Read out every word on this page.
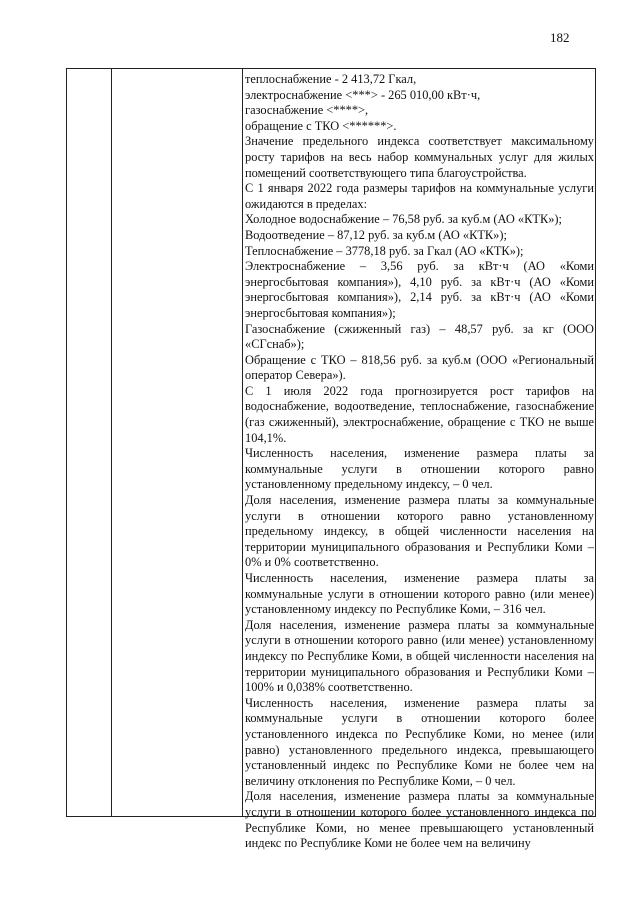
182

теплоснабжение - 2 413,72 Гкал,

электроснабжение <***> - 265 010,00 кВт·ч,

газоснабжение <****>,

обращение с ТКО <******>.

Значение предельного индекса соответствует максимальному росту тарифов на весь набор коммунальных услуг для жилых помещений соответствующего типа благоустройства.

С 1 января 2022 года размеры тарифов на коммунальные услуги ожидаются в пределах:

Холодное водоснабжение – 76,58 руб. за куб.м (АО «КТК»);

Водоотведение – 87,12 руб. за куб.м (АО «КТК»);

Теплоснабжение – 3778,18 руб. за Гкал (АО «КТК»);

Электроснабжение – 3,56 руб. за кВт·ч (АО «Коми энергосбытовая компания»), 4,10 руб. за кВт·ч (АО «Коми энергосбытовая компания»), 2,14 руб. за кВт·ч (АО «Коми энергосбытовая компания»);

Газоснабжение (сжиженный газ) – 48,57 руб. за кг (ООО «СГснаб»);

Обращение с ТКО – 818,56 руб. за куб.м (ООО «Региональный оператор Севера»).

С 1 июля 2022 года прогнозируется рост тарифов на водоснабжение, водоотведение, теплоснабжение, газоснабжение (газ сжиженный), электроснабжение, обращение с ТКО не выше 104,1%.

Численность населения, изменение размера платы за коммунальные услуги в отношении которого равно установленному предельному индексу, – 0 чел.

Доля населения, изменение размера платы за коммунальные услуги в отношении которого равно установленному предельному индексу, в общей численности населения на территории муниципального образования и Республики Коми – 0% и 0% соответственно.

Численность населения, изменение размера платы за коммунальные услуги в отношении которого равно (или менее) установленному индексу по Республике Коми, – 316 чел.

Доля населения, изменение размера платы за коммунальные услуги в отношении которого равно (или менее) установленному индексу по Республике Коми, в общей численности населения на территории муниципального образования и Республики Коми – 100% и 0,038% соответственно.

Численность населения, изменение размера платы за коммунальные услуги в отношении которого более установленного индекса по Республике Коми, но менее (или равно) установленного предельного индекса, превышающего установленный индекс по Республике Коми не более чем на величину отклонения по Республике Коми, – 0 чел.

Доля населения, изменение размера платы за коммунальные услуги в отношении которого более установленного индекса по Республике Коми, но менее превышающего установленный индекс по Республике Коми не более чем на величину
